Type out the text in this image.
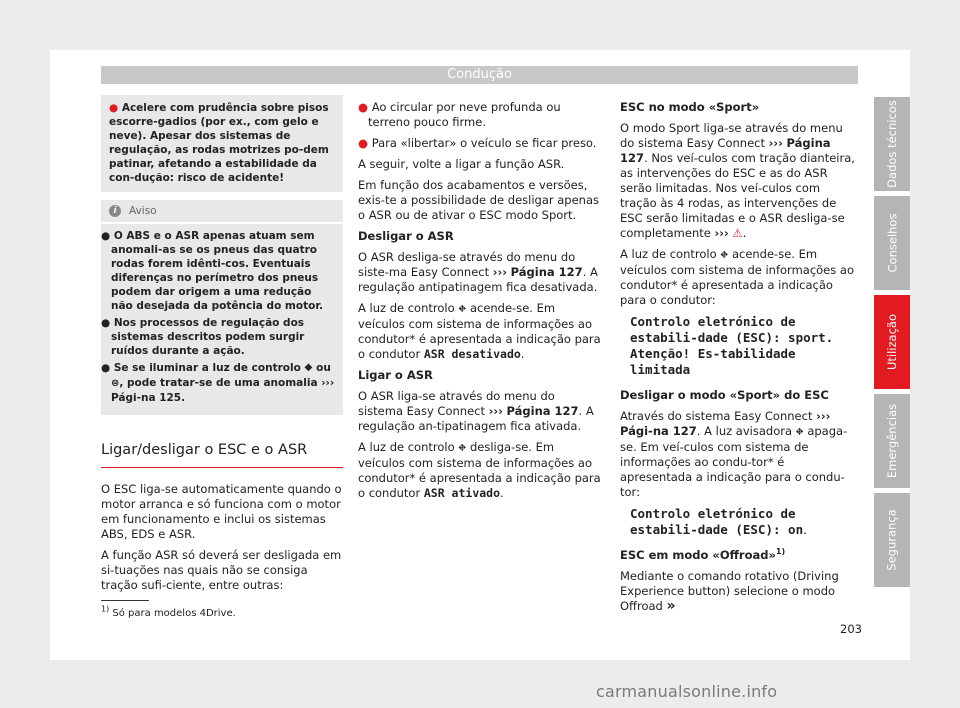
Condução
● Acelere com prudência sobre pisos escorre-gadios (por ex., com gelo e neve). Apesar dos sistemas de regulação, as rodas motrizes po-dem patinar, afetando a estabilidade da con-dução: risco de acidente!
i	Aviso
● O ABS e o ASR apenas atuam sem anomali-as se os pneus das quatro rodas forem idênti-cos. Eventuais diferenças no perímetro dos pneus podem dar origem a uma redução não desejada da potência do motor.
● Nos processos de regulação dos sistemas descritos podem surgir ruídos durante a ação.
● Se se iluminar a luz de controlo ⛖ ou ⊜, pode tratar-se de uma anomalia ››› Pági-na 125.
Ligar/desligar o ESC e o ASR

O ESC liga-se automaticamente quando o motor arranca e só funciona com o motor em funcionamento e inclui os sistemas ABS, EDS e ASR.

A função ASR só deverá ser desligada em si-tuações nas quais não se consiga tração sufi-ciente, entre outras:

● Ao circular por neve profunda ou terreno pouco firme.

● Para «libertar» o veículo se ficar preso.

A seguir, volte a ligar a função ASR.

Em função dos acabamentos e versões, exis-te a possibilidade de desligar apenas o ASR ou de ativar o ESC modo Sport.

Desligar o ASR

O ASR desliga-se através do menu do siste-ma Easy Connect ››› Página 127. A regulação antipatinagem fica desativada.

A luz de controlo ⛖ acende-se. Em veículos com sistema de informações ao condutor* é apresentada a indicação para o condutor ASR desativado.

Ligar o ASR

O ASR liga-se através do menu do sistema Easy Connect ››› Página 127. A regulação an-tipatinagem fica ativada.

A luz de controlo ⛖ desliga-se. Em veículos com sistema de informações ao condutor* é apresentada a indicação para o condutor ASR ativado.

ESC no modo «Sport»

O modo Sport liga-se através do menu do sistema Easy Connect ››› Página 127. Nos veí-culos com tração dianteira, as intervenções do ESC e as do ASR serão limitadas. Nos veí-culos com tração às 4 rodas, as intervenções de ESC serão limitadas e o ASR desliga-se completamente ››› ⚠.

A luz de controlo ⛖ acende-se. Em veículos com sistema de informações ao condutor* é apresentada a indicação para o condutor:

Controlo eletrónico de estabili-dade (ESC): sport. Atenção! Es-tabilidade limitada

Desligar o modo «Sport» do ESC

Através do sistema Easy Connect ››› Pági-na 127. A luz avisadora ⛖ apaga-se. Em veí-culos com sistema de informações ao condu-tor* é apresentada a indicação para o condu-tor:

Controlo eletrónico de estabili-dade (ESC): on.

ESC em modo «Offroad»$^{1)}$

Mediante o comando rotativo (Driving Experience button) selecione o modo Offroad »

Dados técnicos
Conselhos
Utilização
Emergências
Segurança
$^{1)}$ Só para modelos 4Drive.
203
carmanualsonline.info
